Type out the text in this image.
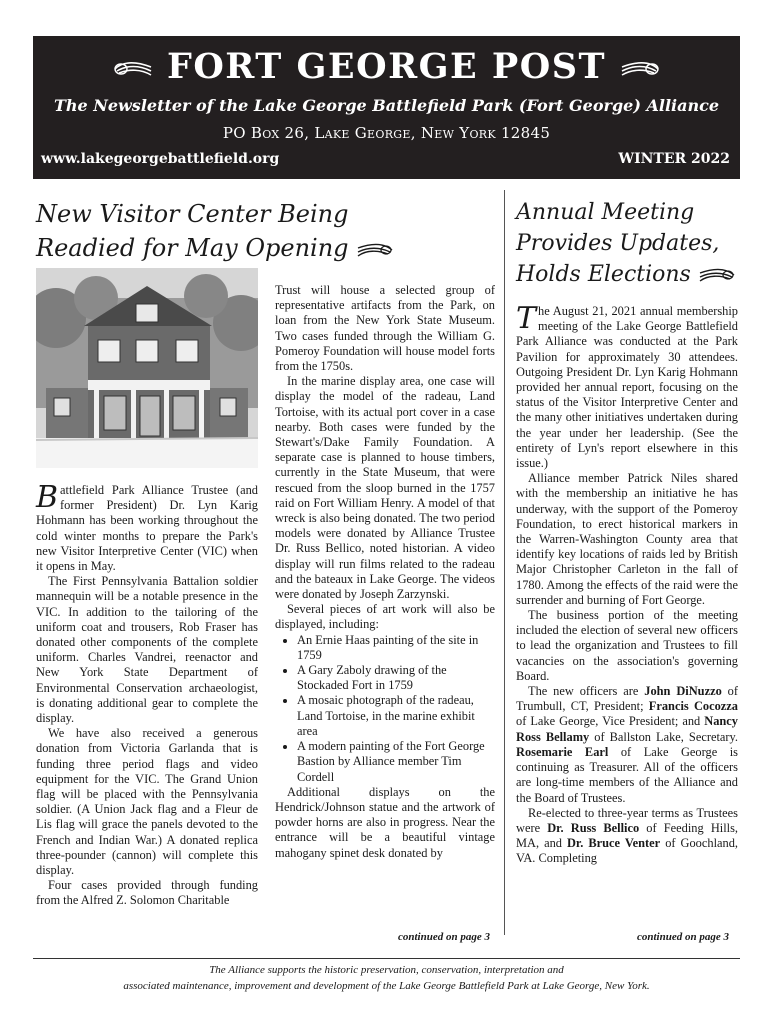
FORT GEORGE POST
The Newsletter of the Lake George Battlefield Park (Fort George) Alliance
PO Box 26, Lake George, New York 12845
www.lakegeorgebattlefield.org	WINTER 2022
New Visitor Center Being
Readied for May Opening

Battlefield Park Alliance Trustee (and former President) Dr. Lyn Karig Hohmann has been working throughout the cold winter months to prepare the Park's new Visitor Interpretive Center (VIC) when it opens in May.

The First Pennsylvania Battalion soldier mannequin will be a notable presence in the VIC. In addition to the tailoring of the uniform coat and trousers, Rob Fraser has donated other components of the complete uniform. Charles Vandrei, reenactor and New York State Department of Environmental Conservation archaeologist, is donating additional gear to complete the display.

We have also received a generous donation from Victoria Garlanda that is funding three period flags and video equipment for the VIC. The Grand Union flag will be placed with the Pennsylvania soldier. (A Union Jack flag and a Fleur de Lis flag will grace the panels devoted to the French and Indian War.) A donated replica three-pounder (cannon) will complete this display.

Four cases provided through funding from the Alfred Z. Solomon Charitable

Trust will house a selected group of representative artifacts from the Park, on loan from the New York State Museum. Two cases funded through the William G. Pomeroy Foundation will house model forts from the 1750s.

In the marine display area, one case will display the model of the radeau, Land Tortoise, with its actual port cover in a case nearby. Both cases were funded by the Stewart's/Dake Family Foundation. A separate case is planned to house timbers, currently in the State Museum, that were rescued from the sloop burned in the 1757 raid on Fort William Henry. A model of that wreck is also being donated. The two period models were donated by Alliance Trustee Dr. Russ Bellico, noted historian. A video display will run films related to the radeau and the bateaux in Lake George. The videos were donated by Joseph Zarzynski.

Several pieces of art work will also be displayed, including:

• An Ernie Haas painting of the site in 1759
• A Gary Zaboly drawing of the Stockaded Fort in 1759
• A mosaic photograph of the radeau, Land Tortoise, in the marine exhibit area
• A modern painting of the Fort George Bastion by Alliance member Tim Cordell

Additional displays on the Hendrick/Johnson statue and the artwork of powder horns are also in progress. Near the entrance will be a beautiful vintage mahogany spinet desk donated by

continued on page 3
Annual Meeting
Provides Updates,
Holds Elections

The August 21, 2021 annual membership meeting of the Lake George Battlefield Park Alliance was conducted at the Park Pavilion for approximately 30 attendees. Outgoing President Dr. Lyn Karig Hohmann provided her annual report, focusing on the status of the Visitor Interpretive Center and the many other initiatives undertaken during the year under her leadership. (See the entirety of Lyn's report elsewhere in this issue.)

Alliance member Patrick Niles shared with the membership an initiative he has underway, with the support of the Pomeroy Foundation, to erect historical markers in the Warren-Washington County area that identify key locations of raids led by British Major Christopher Carleton in the fall of 1780. Among the effects of the raid were the surrender and burning of Fort George.

The business portion of the meeting included the election of several new officers to lead the organization and Trustees to fill vacancies on the association's governing Board.

The new officers are John DiNuzzo of Trumbull, CT, President; Francis Cocozza of Lake George, Vice President; and Nancy Ross Bellamy of Ballston Lake, Secretary. Rosemarie Earl of Lake George is continuing as Treasurer. All of the officers are long-time members of the Alliance and the Board of Trustees.

Re-elected to three-year terms as Trustees were Dr. Russ Bellico of Feeding Hills, MA, and Dr. Bruce Venter of Goochland, VA. Completing

continued on page 3
The Alliance supports the historic preservation, conservation, interpretation and
associated maintenance, improvement and development of the Lake George Battlefield Park at Lake George, New York.
